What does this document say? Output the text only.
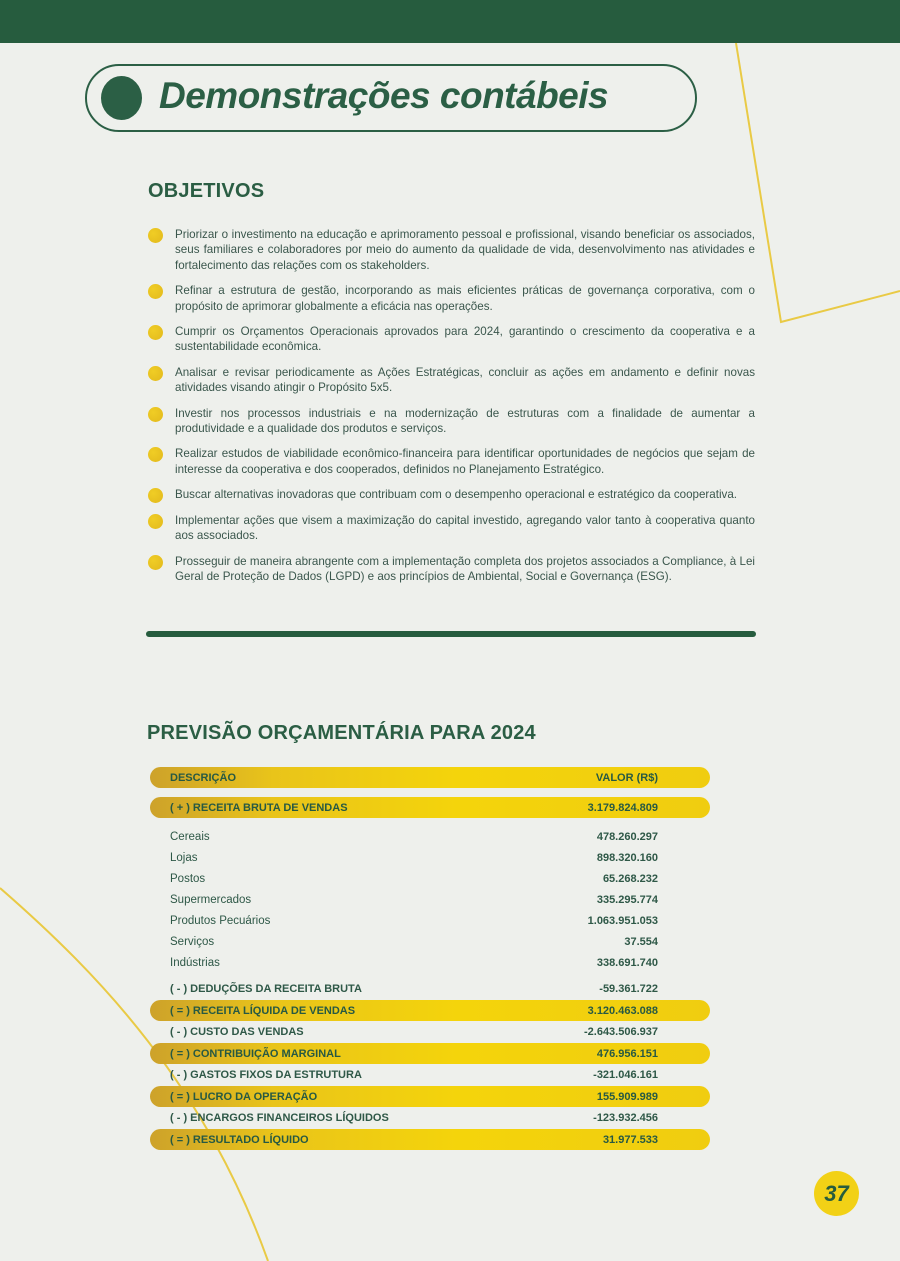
Demonstrações contábeis
OBJETIVOS
Priorizar o investimento na educação e aprimoramento pessoal e profissional, visando beneficiar os associados, seus familiares e colaboradores por meio do aumento da qualidade de vida, desenvolvimento nas atividades e fortalecimento das relações com os stakeholders.
Refinar a estrutura de gestão, incorporando as mais eficientes práticas de governança corporativa, com o propósito de aprimorar globalmente a eficácia nas operações.
Cumprir os Orçamentos Operacionais aprovados para 2024, garantindo o crescimento da cooperativa e a sustentabilidade econômica.
Analisar e revisar periodicamente as Ações Estratégicas, concluir as ações em andamento e definir novas atividades visando atingir o Propósito 5x5.
Investir nos processos industriais e na modernização de estruturas com a finalidade de aumentar a produtividade e a qualidade dos produtos e serviços.
Realizar estudos de viabilidade econômico-financeira para identificar oportunidades de negócios que sejam de interesse da cooperativa e dos cooperados, definidos no Planejamento Estratégico.
Buscar alternativas inovadoras que contribuam com o desempenho operacional e estratégico da cooperativa.
Implementar ações que visem a maximização do capital investido, agregando valor tanto à cooperativa quanto aos associados.
Prosseguir de maneira abrangente com a implementação completa dos projetos associados a Compliance, à Lei Geral de Proteção de Dados (LGPD) e aos princípios de Ambiental, Social e Governança (ESG).
PREVISÃO ORÇAMENTÁRIA PARA 2024
DESCRIÇÃO	VALOR (R$)
( + ) RECEITA BRUTA DE VENDAS	3.179.824.809
Cereais	478.260.297
Lojas	898.320.160
Postos	65.268.232
Supermercados	335.295.774
Produtos Pecuários	1.063.951.053
Serviços	37.554
Indústrias	338.691.740
( - ) DEDUÇÕES DA RECEITA BRUTA	-59.361.722
( = ) RECEITA LÍQUIDA DE VENDAS	3.120.463.088
( - ) CUSTO DAS VENDAS	-2.643.506.937
( = ) CONTRIBUIÇÃO MARGINAL	476.956.151
( - ) GASTOS FIXOS DA ESTRUTURA	-321.046.161
( = ) LUCRO DA OPERAÇÃO	155.909.989
( - ) ENCARGOS FINANCEIROS LÍQUIDOS	-123.932.456
( = ) RESULTADO LÍQUIDO	31.977.533
37
